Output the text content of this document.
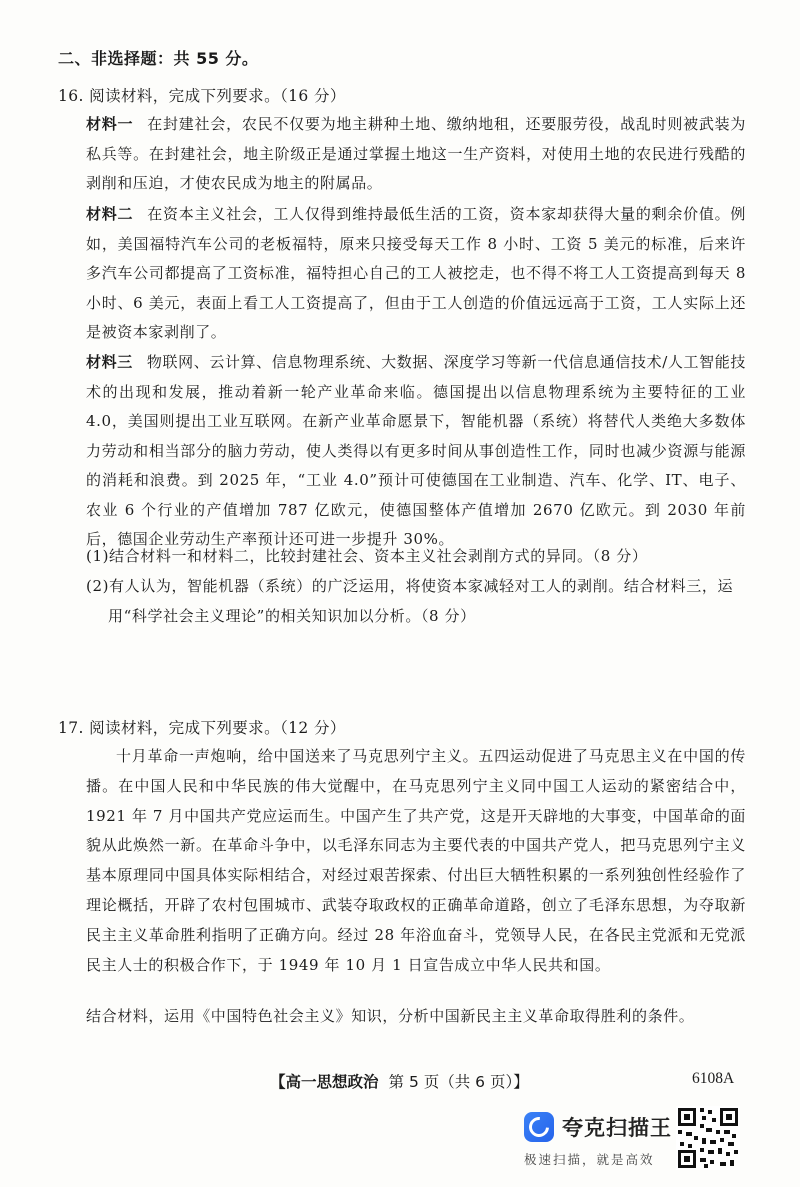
二、非选择题：共 55 分。
16. 阅读材料，完成下列要求。（16 分）
材料一 在封建社会，农民不仅要为地主耕种土地、缴纳地租，还要服劳役，战乱时则被武装为私兵等。在封建社会，地主阶级正是通过掌握土地这一生产资料，对使用土地的农民进行残酷的剥削和压迫，才使农民成为地主的附属品。
材料二 在资本主义社会，工人仅得到维持最低生活的工资，资本家却获得大量的剩余价值。例如，美国福特汽车公司的老板福特，原来只接受每天工作 8 小时、工资 5 美元的标准，后来许多汽车公司都提高了工资标准，福特担心自己的工人被挖走，也不得不将工人工资提高到每天 8 小时、6 美元，表面上看工人工资提高了，但由于工人创造的价值远远高于工资，工人实际上还是被资本家剥削了。
材料三 物联网、云计算、信息物理系统、大数据、深度学习等新一代信息通信技术/人工智能技术的出现和发展，推动着新一轮产业革命来临。德国提出以信息物理系统为主要特征的工业 4.0，美国则提出工业互联网。在新产业革命愿景下，智能机器（系统）将替代人类绝大多数体力劳动和相当部分的脑力劳动，使人类得以有更多时间从事创造性工作，同时也减少资源与能源的消耗和浪费。到 2025 年，“工业 4.0”预计可使德国在工业制造、汽车、化学、IT、电子、农业 6 个行业的产值增加 787 亿欧元，使德国整体产值增加 2670 亿欧元。到 2030 年前后，德国企业劳动生产率预计还可进一步提升 30%。
(1)结合材料一和材料二，比较封建社会、资本主义社会剥削方式的异同。（8 分）
(2)有人认为，智能机器（系统）的广泛运用，将使资本家减轻对工人的剥削。结合材料三，运
用“科学社会主义理论”的相关知识加以分析。（8 分）
17. 阅读材料，完成下列要求。（12 分）
十月革命一声炮响，给中国送来了马克思列宁主义。五四运动促进了马克思主义在中国的传播。在中国人民和中华民族的伟大觉醒中，在马克思列宁主义同中国工人运动的紧密结合中，1921 年 7 月中国共产党应运而生。中国产生了共产党，这是开天辟地的大事变，中国革命的面貌从此焕然一新。在革命斗争中，以毛泽东同志为主要代表的中国共产党人，把马克思列宁主义基本原理同中国具体实际相结合，对经过艰苦探索、付出巨大牺牲积累的一系列独创性经验作了理论概括，开辟了农村包围城市、武装夺取政权的正确革命道路，创立了毛泽东思想，为夺取新民主主义革命胜利指明了正确方向。经过 28 年浴血奋斗，党领导人民，在各民主党派和无党派民主人士的积极合作下，于 1949 年 10 月 1 日宣告成立中华人民共和国。
结合材料，运用《中国特色社会主义》知识，分析中国新民主主义革命取得胜利的条件。
【高一思想政治 第 5 页（共 6 页）】	6108A
夸克扫描王
极速扫描，就是高效
